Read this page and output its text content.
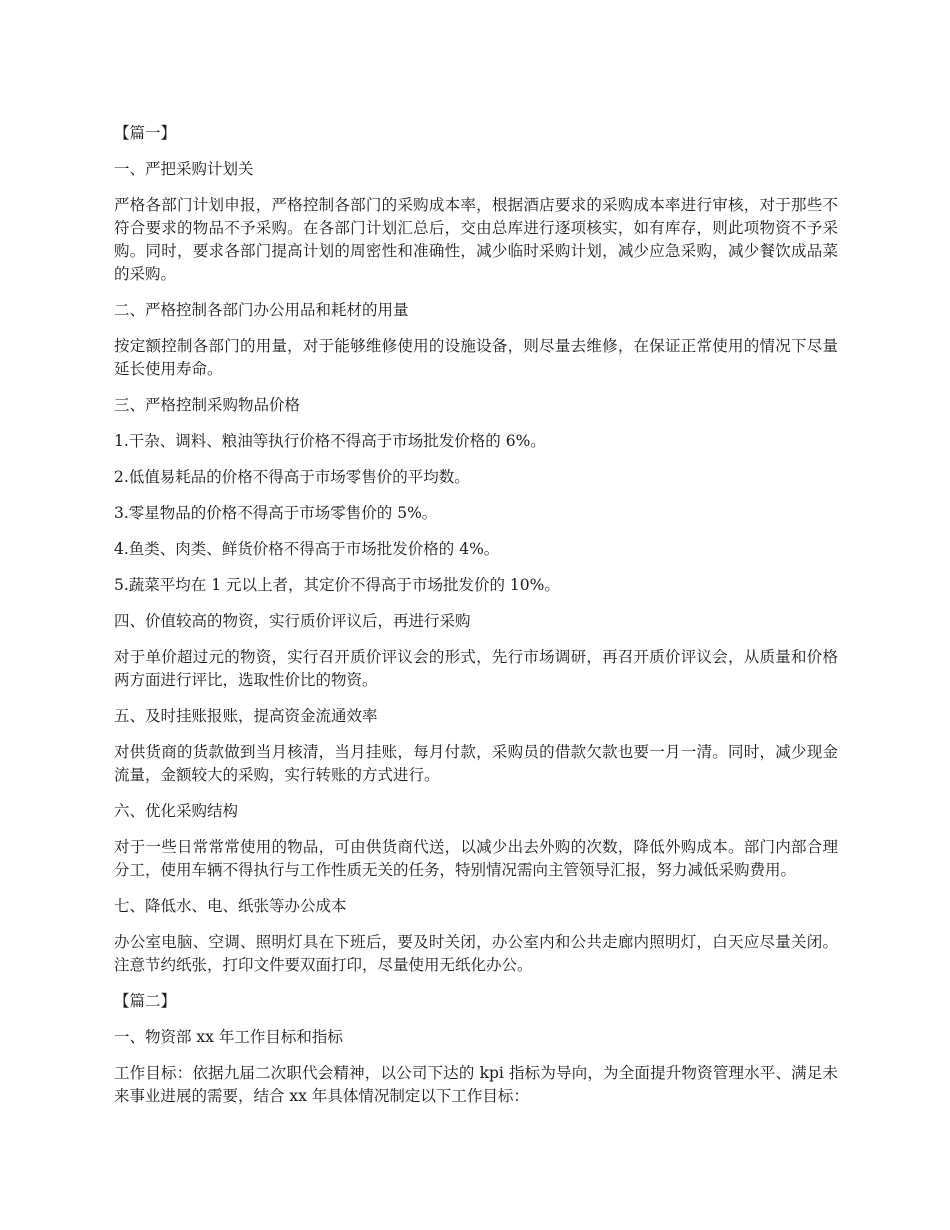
【篇一】
一、严把采购计划关
严格各部门计划申报，严格控制各部门的采购成本率，根据酒店要求的采购成本率进行审核，对于那些不符合要求的物品不予采购。在各部门计划汇总后，交由总库进行逐项核实，如有库存，则此项物资不予采购。同时，要求各部门提高计划的周密性和准确性，减少临时采购计划，减少应急采购，减少餐饮成品菜的采购。
二、严格控制各部门办公用品和耗材的用量
按定额控制各部门的用量，对于能够维修使用的设施设备，则尽量去维修，在保证正常使用的情况下尽量延长使用寿命。
三、严格控制采购物品价格
1.干杂、调料、粮油等执行价格不得高于市场批发价格的 6%。
2.低值易耗品的价格不得高于市场零售价的平均数。
3.零星物品的价格不得高于市场零售价的 5%。
4.鱼类、肉类、鲜货价格不得高于市场批发价格的 4%。
5.蔬菜平均在 1 元以上者，其定价不得高于市场批发价的 10%。
四、价值较高的物资，实行质价评议后，再进行采购
对于单价超过元的物资，实行召开质价评议会的形式，先行市场调研，再召开质价评议会，从质量和价格两方面进行评比，选取性价比的物资。
五、及时挂账报账，提高资金流通效率
对供货商的货款做到当月核清，当月挂账，每月付款，采购员的借款欠款也要一月一清。同时，减少现金流量，金额较大的采购，实行转账的方式进行。
六、优化采购结构
对于一些日常常常使用的物品，可由供货商代送，以减少出去外购的次数，降低外购成本。部门内部合理分工，使用车辆不得执行与工作性质无关的任务，特别情况需向主管领导汇报，努力减低采购费用。
七、降低水、电、纸张等办公成本
办公室电脑、空调、照明灯具在下班后，要及时关闭，办公室内和公共走廊内照明灯，白天应尽量关闭。注意节约纸张，打印文件要双面打印，尽量使用无纸化办公。
【篇二】
一、物资部 xx 年工作目标和指标
工作目标：依据九届二次职代会精神，以公司下达的 kpi 指标为导向，为全面提升物资管理水平、满足未来事业进展的需要，结合 xx 年具体情况制定以下工作目标：
